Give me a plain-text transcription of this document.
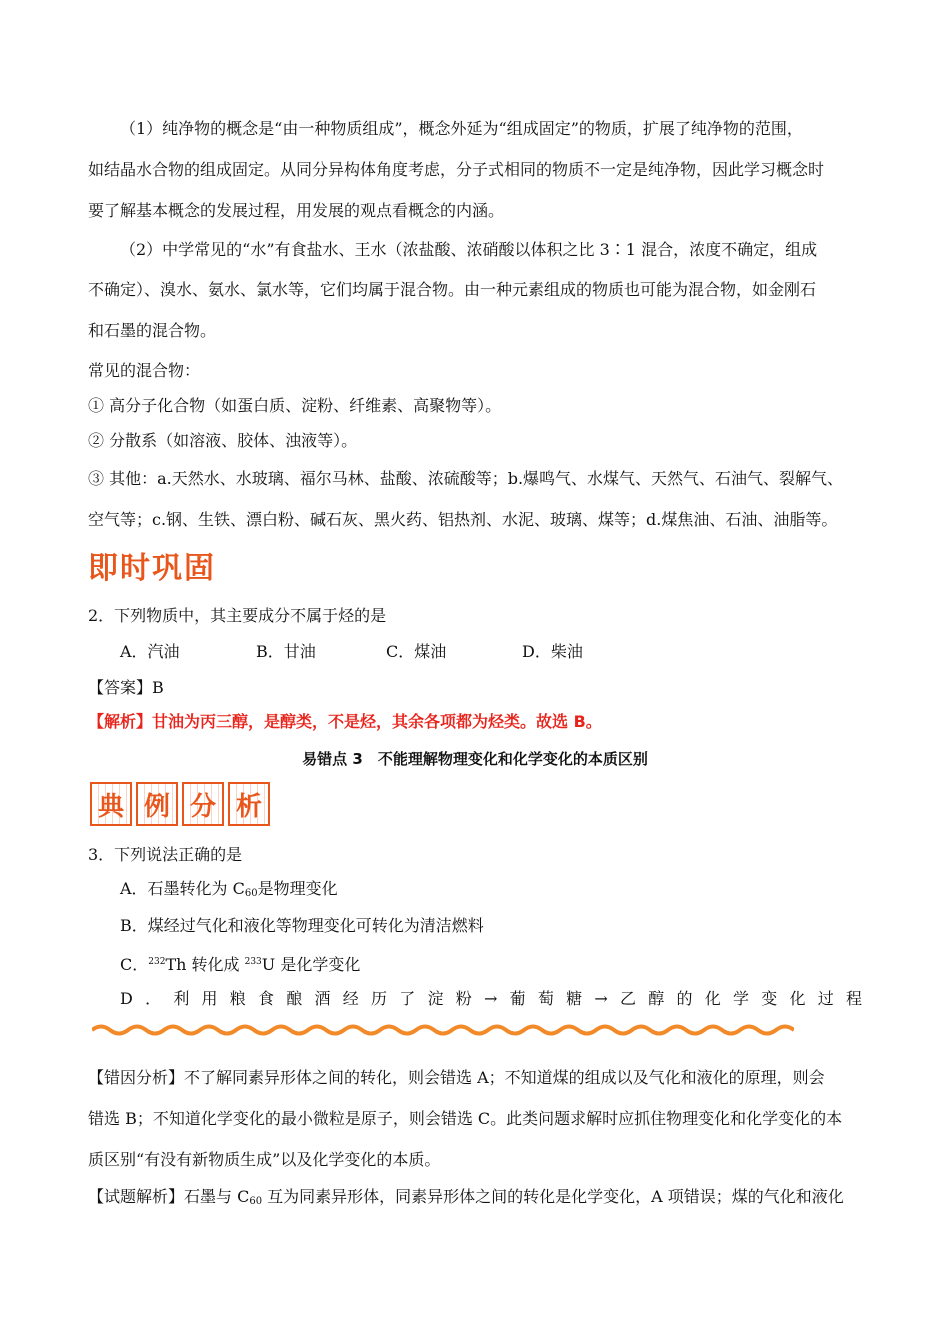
（1）纯净物的概念是“由一种物质组成”，概念外延为“组成固定”的物质，扩展了纯净物的范围，
如结晶水合物的组成固定。从同分异构体角度考虑，分子式相同的物质不一定是纯净物，因此学习概念时
要了解基本概念的发展过程，用发展的观点看概念的内涵。
（2）中学常见的“水”有食盐水、王水（浓盐酸、浓硝酸以体积之比 3∶1 混合，浓度不确定，组成
不确定）、溴水、氨水、氯水等，它们均属于混合物。由一种元素组成的物质也可能为混合物，如金刚石
和石墨的混合物。
常见的混合物：
① 高分子化合物（如蛋白质、淀粉、纤维素、高聚物等）。
② 分散系（如溶液、胶体、浊液等）。
③ 其他：a.天然水、水玻璃、福尔马林、盐酸、浓硫酸等；b.爆鸣气、水煤气、天然气、石油气、裂解气、
空气等；c.钢、生铁、漂白粉、碱石灰、黑火药、铝热剂、水泥、玻璃、煤等；d.煤焦油、石油、油脂等。
即时巩固
2．下列物质中，其主要成分不属于烃的是
A．汽油	B．甘油	C．煤油	D．柴油
【答案】B
【解析】甘油为丙三醇，是醇类，不是烃，其余各项都为烃类。故选 B。
易错点 3　不能理解物理变化和化学变化的本质区别
典 例 分 析
3．下列说法正确的是
A．石墨转化为 $C_{60}$是物理变化
B．煤经过气化和液化等物理变化可转化为清洁燃料
C．$^{232}$Th 转化成 $^{233}$U 是化学变化
D．利用粮食酿酒经历了淀粉→葡萄糖→乙醇的化学变化过程
【错因分析】不了解同素异形体之间的转化，则会错选 A；不知道煤的组成以及气化和液化的原理，则会
错选 B；不知道化学变化的最小微粒是原子，则会错选 C。此类问题求解时应抓住物理变化和化学变化的本
质区别“有没有新物质生成”以及化学变化的本质。
【试题解析】石墨与 $C_{60}$ 互为同素异形体，同素异形体之间的转化是化学变化，A 项错误；煤的气化和液化
